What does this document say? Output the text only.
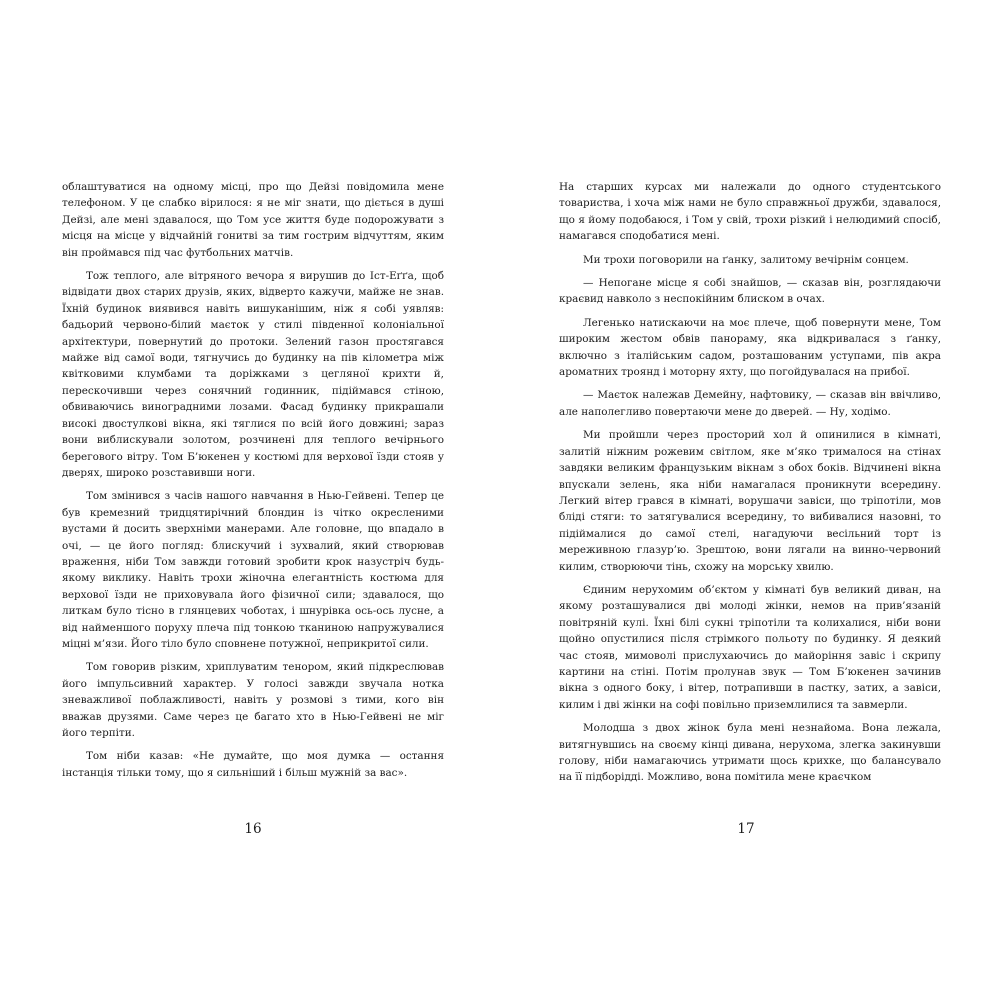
облаштуватися на одному місці, про що Дейзі повідомила мене телефоном. У це слабко вірилося: я не міг знати, що діється в душі Дейзі, але мені здавалося, що Том усе життя буде подорожувати з місця на місце у відчайній гонитві за тим гострим відчуттям, яким він проймався під час футбольних матчів.

Тож теплого, але вітряного вечора я вирушив до Іст-Еґґа, щоб відвідати двох старих друзів, яких, відверто кажучи, майже не знав. Їхній будинок виявився навіть вишуканішим, ніж я собі уявляв: бадьорий червоно-білий маєток у стилі південної колоніальної архітектури, повернутий до протоки. Зелений газон простягався майже від самої води, тягнучись до будинку на пів кілометра між квітковими клумбами та доріжками з цегляної крихти й, перескочивши через сонячний годинник, підіймався стіною, обвиваючись виноградними лозами. Фасад будинку прикрашали високі двостулкові вікна, які тяглися по всій його довжині; зараз вони виблискували золотом, розчинені для теплого вечірнього берегового вітру. Том Б’юкенен у костюмі для верхової їзди стояв у дверях, широко розставивши ноги.

Том змінився з часів нашого навчання в Нью-Гейвені. Тепер це був кремезний тридцятирічний блондин із чітко окресленими вустами й досить зверхніми манерами. Але головне, що впадало в очі, — це його погляд: блискучий і зухвалий, який створював враження, ніби Том завжди готовий зробити крок назустріч будь-якому виклику. Навіть трохи жіночна елегантність костюма для верхової їзди не приховувала його фізичної сили; здавалося, що литкам було тісно в глянцевих чоботах, і шнурівка ось-ось лусне, а від найменшого поруху плеча під тонкою тканиною напружувалися міцні м’язи. Його тіло було сповнене потужної, неприкритої сили.

Том говорив різким, хриплуватим тенором, який підкреслював його імпульсивний характер. У голосі завжди звучала нотка зневажливої поблажливості, навіть у розмові з тими, кого він вважав друзями. Саме через це багато хто в Нью-Гейвені не міг його терпіти.

Том ніби казав: «Не думайте, що моя думка — остання інстанція тільки тому, що я сильніший і більш мужній за вас».

16

На старших курсах ми належали до одного студентського товариства, і хоча між нами не було справжньої дружби, здавалося, що я йому подобаюся, і Том у свій, трохи різкий і нелюдимий спосіб, намагався сподобатися мені.

Ми трохи поговорили на ґанку, залитому вечірнім сонцем.

— Непогане місце я собі знайшов, — сказав він, розглядаючи краєвид навколо з неспокійним блиском в очах.

Легенько натискаючи на моє плече, щоб повернути мене, Том широким жестом обвів панораму, яка відкривалася з ґанку, включно з італійським садом, розташованим уступами, пів акра ароматних троянд і моторну яхту, що погойдувалася на прибої.

— Маєток належав Демейну, нафтовику, — сказав він ввічливо, але наполегливо повертаючи мене до дверей. — Ну, ходімо.

Ми пройшли через просторий хол й опинилися в кімнаті, залитій ніжним рожевим світлом, яке м’яко трималося на стінах завдяки великим французьким вікнам з обох боків. Відчинені вікна впускали зелень, яка ніби намагалася проникнути всередину. Легкий вітер грався в кімнаті, ворушачи завіси, що тріпотіли, мов бліді стяги: то затягувалися всередину, то вибивалися назовні, то підіймалися до самої стелі, нагадуючи весільний торт із мереживною глазур’ю. Зрештою, вони лягали на винно-червоний килим, створюючи тінь, схожу на морську хвилю.

Єдиним нерухомим об’єктом у кімнаті був великий диван, на якому розташувалися дві молоді жінки, немов на прив’язаній повітряній кулі. Їхні білі сукні тріпотіли та колихалися, ніби вони щойно опустилися після стрімкого польоту по будинку. Я деякий час стояв, мимоволі прислухаючись до майоріння завіс і скрипу картини на стіні. Потім пролунав звук — Том Б’юкенен зачинив вікна з одного боку, і вітер, потрапивши в пастку, затих, а завіси, килим і дві жінки на софі повільно приземлилися та завмерли.

Молодша з двох жінок була мені незнайома. Вона лежала, витягнувшись на своєму кінці дивана, нерухома, злегка закинувши голову, ніби намагаючись утримати щось крихке, що балансувало на її підборідді. Можливо, вона помітила мене краєчком

17
